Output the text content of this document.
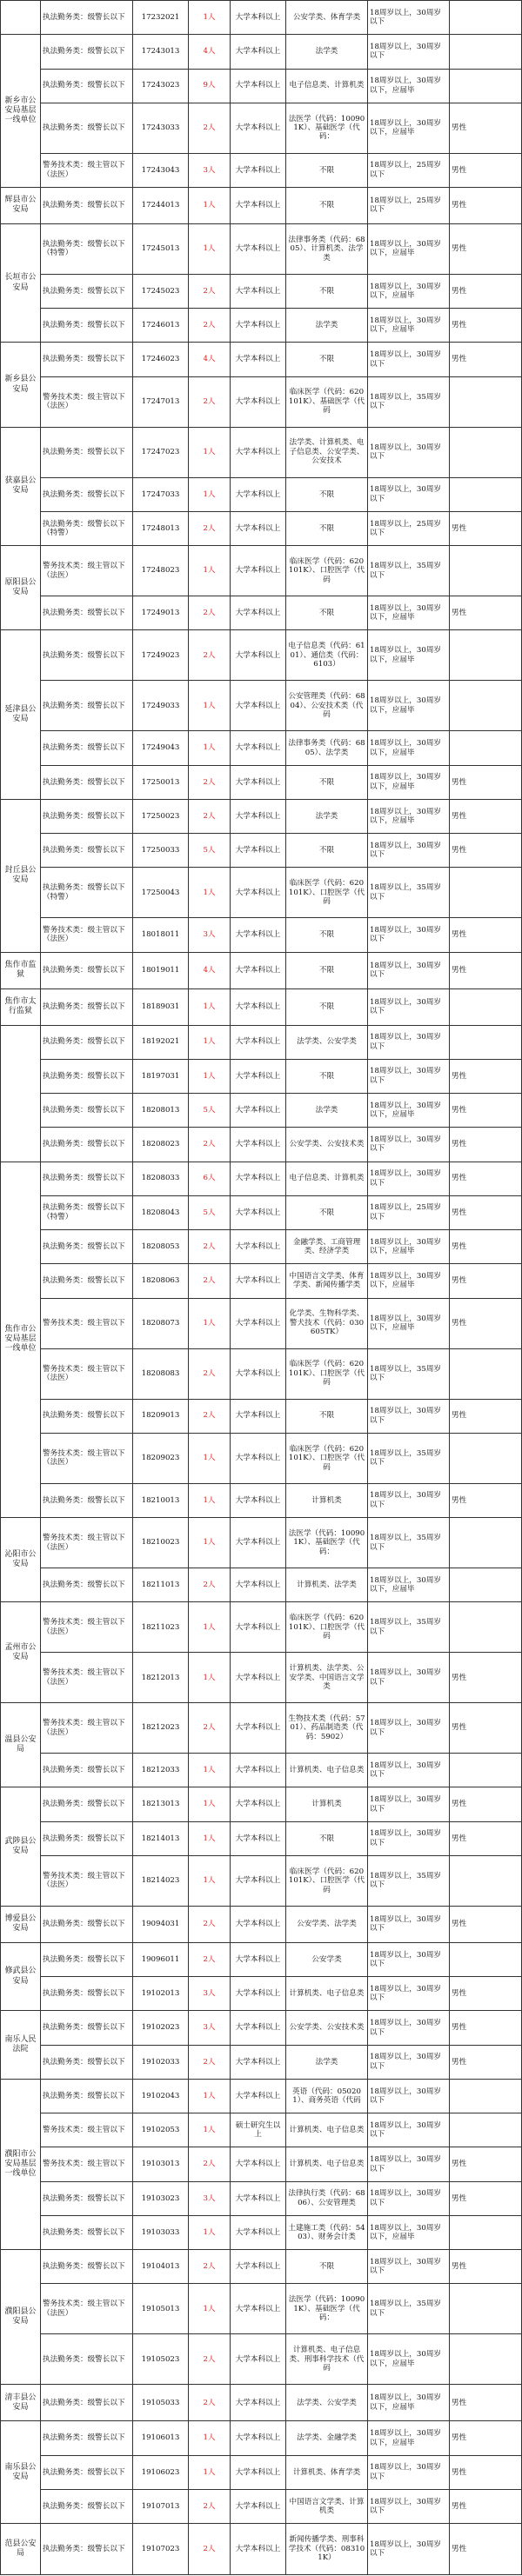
	执法勤务类：级警长以下	17232021	1人	大学本科以上	公安学类、体育学类	18周岁以上，30周岁以下	
新乡市公安局基层一线单位	执法勤务类：级警长以下	17243013	4人	大学本科以上	法学类	18周岁以上，30周岁以下	
	执法勤务类：级警长以下	17243023	9人	大学本科以上	电子信息类、计算机类	18周岁以上，30周岁以下，应届毕	
	执法勤务类：级警长以下	17243033	2人	大学本科以上	法医学（代码：100901K）、基础医学（代码：	18周岁以上，30周岁以下，应届毕	男性
	警务技术类：级主管以下（法医）	17243043	3人	大学本科以上	不限	18周岁以上，25周岁以下	男性
辉县市公安局	执法勤务类：级警长以下	17244013	1人	大学本科以上	不限	18周岁以上，25周岁以下	男性
长垣市公安局	执法勤务类：级警长以下（特警）	17245013	1人	大学本科以上	法律事务类（代码：6805）、计算机类、法学类	18周岁以上，30周岁以下，应届毕	男性
	执法勤务类：级警长以下	17245023	2人	大学本科以上	不限	18周岁以上，30周岁以下，应届毕	男性
	执法勤务类：级警长以下	17246013	2人	大学本科以上	法学类	18周岁以上，30周岁以下，应届毕	男性
新乡县公安局	执法勤务类：级警长以下	17246023	4人	大学本科以上	不限	18周岁以上，30周岁以下	男性
	警务技术类：级主管以下（法医）	17247013	2人	大学本科以上	临床医学（代码：620101K）、基础医学（代码	18周岁以上，35周岁以下	
获嘉县公安局	执法勤务类：级警长以下	17247023	1人	大学本科以上	法学类、计算机类、电子信息类、公安学类、公安技术	18周岁以上，30周岁以下	
	执法勤务类：级警长以下	17247033	1人	大学本科以上	不限	18周岁以上，30周岁以下	
	执法勤务类：级警长以下（特警）	17248013	2人	大学本科以上	不限	18周岁以上，25周岁以下	男性
原阳县公安局	警务技术类：级主管以下（法医）	17248023	1人	大学本科以上	临床医学（代码：620101K）、口腔医学（代码	18周岁以上，35周岁以下	
	执法勤务类：级警长以下	17249013	2人	大学本科以上	不限	18周岁以上，30周岁以下，应届毕	男性
延津县公安局	执法勤务类：级警长以下	17249023	2人	大学本科以上	电子信息类（代码：6101）、通信类（代码：6103）	18周岁以上，30周岁以下，应届毕	
	执法勤务类：级警长以下	17249033	1人	大学本科以上	公安管理类（代码：6804）、公安技术类（代码	18周岁以上，30周岁以下，应届毕	
	执法勤务类：级警长以下	17249043	1人	大学本科以上	法律事务类（代码：6805）、法学类	18周岁以上，30周岁以下，应届毕	
	执法勤务类：级警长以下	17250013	2人	大学本科以上	不限	18周岁以上，30周岁以下，应届毕	男性
封丘县公安局	执法勤务类：级警长以下	17250023	2人	大学本科以上	法学类	18周岁以上，30周岁以下，应届毕	男性
	执法勤务类：级警长以下	17250033	5人	大学本科以上	不限	18周岁以上，30周岁以下	男性
	执法勤务类：级警长以下（特警）	17250043	1人	大学本科以上	临床医学（代码：620101K）、口腔医学（代码	18周岁以上，35周岁以下	
	警务技术类：级主管以下（法医）	18018011	3人	大学本科以上	不限	18周岁以上，30周岁以下	男性
焦作市监狱	执法勤务类：级警长以下	18019011	4人	大学本科以上	不限	18周岁以上，30周岁以下	男性
焦作市太行监狱	执法勤务类：级警长以下	18189031	1人	大学本科以上	不限	18周岁以上，30周岁以下	
	执法勤务类：级警长以下	18192021	1人	大学本科以上	法学类、公安学类	18周岁以上，30周岁以下	
	执法勤务类：级警长以下	18197031	1人	大学本科以上	不限	18周岁以上，30周岁以下	男性
	执法勤务类：级警长以下	18208013	5人	大学本科以上	法学类	18周岁以上，30周岁以下，应届毕	男性
	执法勤务类：级警长以下	18208023	2人	大学本科以上	公安学类、公安技术类	18周岁以上，30周岁以下	男性
焦作市公安局基层一线单位	执法勤务类：级警长以下	18208033	6人	大学本科以上	电子信息类、计算机类	18周岁以上，30周岁以下	男性
	执法勤务类：级警长以下（特警）	18208043	5人	大学本科以上	不限	18周岁以上，25周岁以下	男性
	执法勤务类：级警长以下	18208053	2人	大学本科以上	金融学类、工商管理类、经济学类	18周岁以上，30周岁以下，应届毕	男性
	执法勤务类：级警长以下	18208063	2人	大学本科以上	中国语言文学类、体育学类、新闻传播学类	18周岁以上，30周岁以下，应届毕	男性
	警务技术类：级主管以下	18208073	1人	大学本科以上	化学类、生物科学类、警犬技术（代码：030605TK）	18周岁以上，30周岁以下，应届毕	男性
	警务技术类：级主管以下（法医）	18208083	2人	大学本科以上	临床医学（代码：620101K）、口腔医学（代码	18周岁以上，35周岁以下	
	执法勤务类：级警长以下	18209013	2人	大学本科以上	不限	18周岁以上，30周岁以下	男性
	警务技术类：级主管以下（法医）	18209023	1人	大学本科以上	临床医学（代码：620101K）、口腔医学（代码	18周岁以上，35周岁以下	
	执法勤务类：级警长以下	18210013	1人	大学本科以上	计算机类	18周岁以上，30周岁以下	男性
沁阳市公安局	警务技术类：级主管以下（法医）	18210023	1人	大学本科以上	法医学（代码：100901K）、基础医学（代码：	18周岁以上，35周岁以下	
	执法勤务类：级警长以下	18211013	2人	大学本科以上	计算机类、法学类	18周岁以上，30周岁以下，应届毕	
孟州市公安局	警务技术类：级主管以下（法医）	18211023	1人	大学本科以上	临床医学（代码：620101K）、口腔医学（代码	18周岁以上，35周岁以下	
	警务技术类：级主管以下（法医）	18212013	1人	大学本科以上	计算机类、法学类、公安学类、中国语言文学类	18周岁以上，30周岁以下	男性
温县公安局	警务技术类：级主管以下（法医）	18212023	2人	大学本科以上	生物技术类（代码：5701）、药品制造类（代码：5902）	18周岁以上，30周岁以下	男性
	执法勤务类：级警长以下	18212033	1人	大学本科以上	计算机类、电子信息类	18周岁以上，30周岁以下	
武陟县公安局	执法勤务类：级警长以下	18213013	1人	大学本科以上	计算机类	18周岁以上，30周岁以下	男性
	执法勤务类：级警长以下	18214013	1人	大学本科以上	不限	18周岁以上，30周岁以下	男性
	警务技术类：级主管以下（法医）	18214023	1人	大学本科以上	临床医学（代码：620101K）、口腔医学（代码	18周岁以上，35周岁以下	
博爱县公安局	执法勤务类：级警长以下	19094031	2人	大学本科以上	公安学类、法学类	18周岁以上，30周岁以下	男性
修武县公安局	执法勤务类：级警长以下	19096011	2人	大学本科以上	公安学类	18周岁以上，30周岁以下	
	执法勤务类：级警长以下	19102013	3人	大学本科以上	计算机类、电子信息类	18周岁以上，30周岁以下	男性
南乐人民法院	执法勤务类：级警长以下	19102023	3人	大学本科以上	公安学类、公安技术类	18周岁以上，30周岁以下	男性
	执法勤务类：级警长以下	19102033	2人	大学本科以上	法学类	18周岁以上，30周岁以下	男性
濮阳市公安局基层一线单位	执法勤务类：级警长以下	19102043	1人	大学本科以上	英语（代码：050201）、商务英语（代码	18周岁以上，30周岁以下	
	警务技术类：级主管以下	19102053	1人	硕士研究生以上	计算机类、电子信息类	18周岁以上，30周岁以下	
	警务技术类：级主管以下	19103013	2人	大学本科以上	计算机类、电子信息类	18周岁以上，30周岁以下	男性
	执法勤务类：级警长以下	19103023	3人	大学本科以上	法律执行类（代码：6806）、公安管理类	18周岁以上，30周岁以下	男性
	执法勤务类：级警长以下	19103033	1人	大学本科以上	土建施工类（代码：5403）、财务会计类	18周岁以上，30周岁以下，应届毕	
濮阳县公安局	执法勤务类：级警长以下	19104013	2人	大学本科以上	不限	18周岁以上，30周岁以下	男性
	警务技术类：级主管以下（法医）	19105013	1人	大学本科以上	法医学（代码：100901K）、基础医学（代码：	18周岁以上，35周岁以下	
	执法勤务类：级警长以下	19105023	2人	大学本科以上	计算机类、电子信息类、刑事科学技术（代码	18周岁以上，30周岁以下，应届毕	
清丰县公安局	执法勤务类：级警长以下	19105033	2人	大学本科以上	法学类、公安学类	18周岁以上，30周岁以下，应届毕	男性
南乐县公安局	执法勤务类：级警长以下	19106013	1人	大学本科以上	法学类、金融学类	18周岁以上，30周岁以下，应届毕	男性
	执法勤务类：级警长以下	19106023	1人	大学本科以上	计算机类、体育学类	18周岁以上，30周岁以下	男性
	执法勤务类：级警长以下	19107013	2人	大学本科以上	中国语言文学类、计算机类	18周岁以上，30周岁以下	男性
范县公安局	执法勤务类：级警长以下	19107023	2人	大学本科以上	新闻传播学类、刑事科学技术（代码：083101K）	18周岁以上，30周岁以下	男性
